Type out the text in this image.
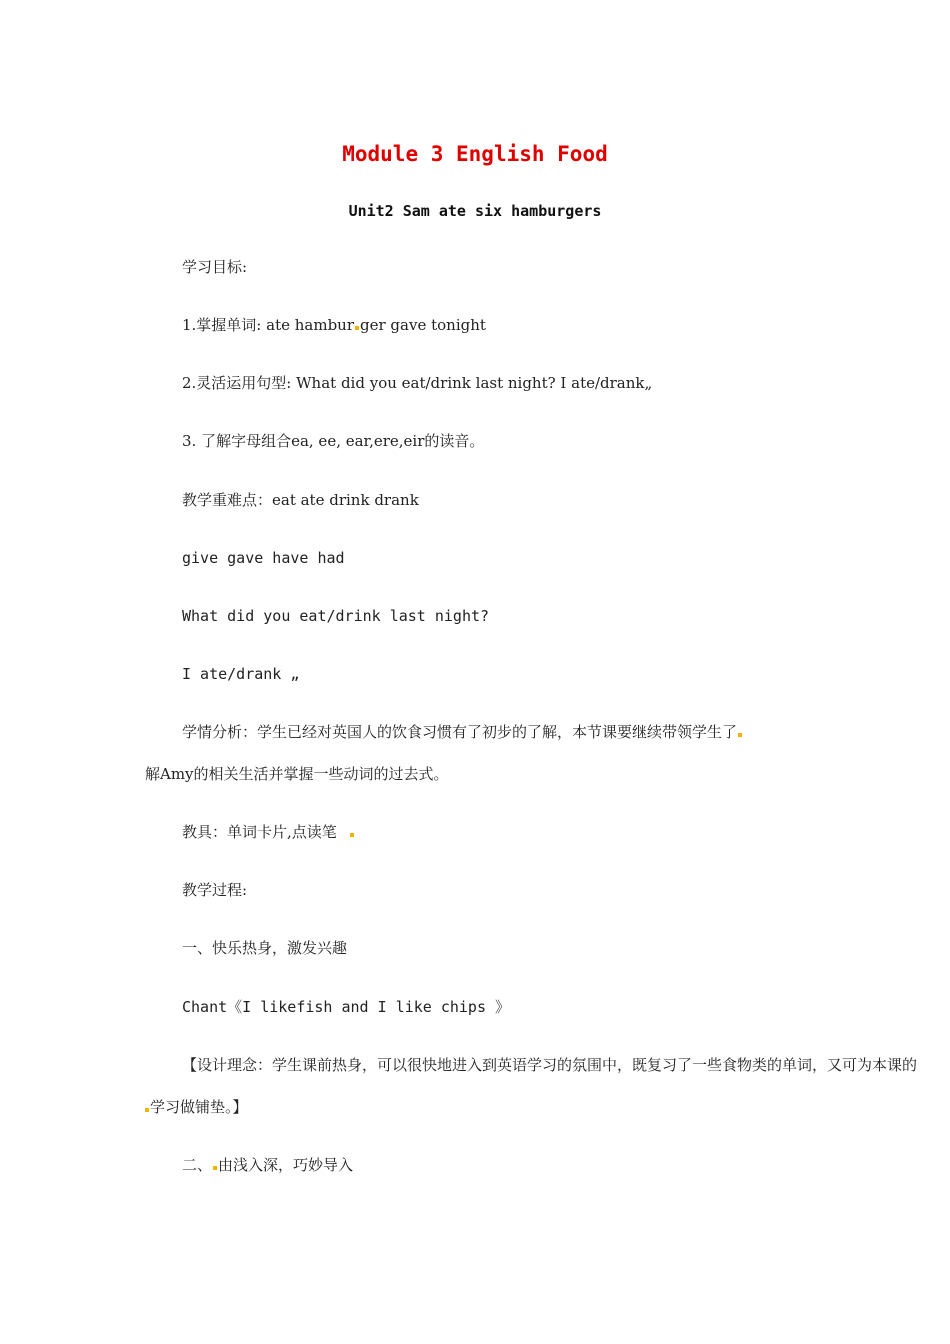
Module 3 English Food
Unit2 Sam ate six hamburgers
学习目标:
1.掌握单词: ate hambur ger gave tonight
2.灵活运用句型: What did you eat/drink last night? I ate/drank„
3. 了解字母组合ea, ee, ear,ere,eir的读音。
教学重难点：eat ate drink drank
give gave have had
What did you eat/drink last night?
I ate/drank „
学情分析：学生已经对英国人的饮食习惯有了初步的了解，本节课要继续带领学生了
解Amy的相关生活并掌握一些动词的过去式。
教具：单词卡片,点读笔
教学过程:
一、快乐热身，激发兴趣
Chant《I likefish and I like chips 》
【设计理念：学生课前热身，可以很快地进入到英语学习的氛围中，既复习了一些食物类的单词，又可为本课的
学习做铺垫。】
二、 由浅入深，巧妙导入
